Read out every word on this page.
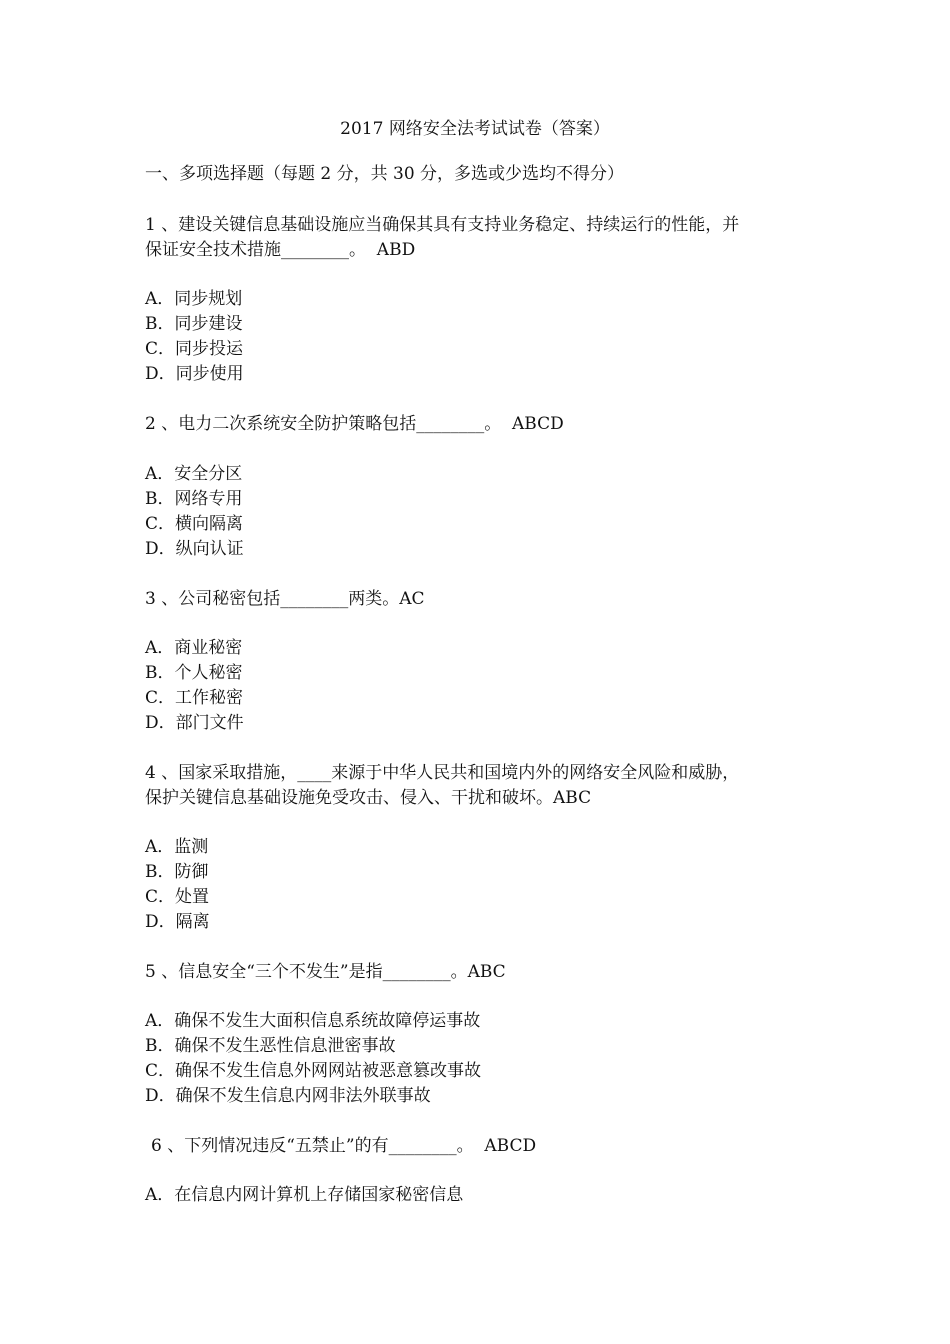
2017 网络安全法考试试卷（答案）
一、多项选择题（每题 2 分，共 30 分，多选或少选均不得分）
1 、建设关键信息基础设施应当确保其具有支持业务稳定、持续运行的性能，并
保证安全技术措施________。  ABD
A．同步规划
B．同步建设
C．同步投运
D．同步使用
2 、电力二次系统安全防护策略包括________。  ABCD
A．安全分区
B．网络专用
C．横向隔离
D．纵向认证
3 、公司秘密包括________两类。AC
A．商业秘密
B．个人秘密
C．工作秘密
D．部门文件
4 、国家采取措施，____来源于中华人民共和国境内外的网络安全风险和威胁，
保护关键信息基础设施免受攻击、侵入、干扰和破坏。ABC
A．监测
B．防御
C．处置
D．隔离
5 、信息安全“三个不发生”是指________。ABC
A．确保不发生大面积信息系统故障停运事故
B．确保不发生恶性信息泄密事故
C．确保不发生信息外网网站被恶意篡改事故
D．确保不发生信息内网非法外联事故
6 、下列情况违反“五禁止”的有________。  ABCD
A．在信息内网计算机上存储国家秘密信息
